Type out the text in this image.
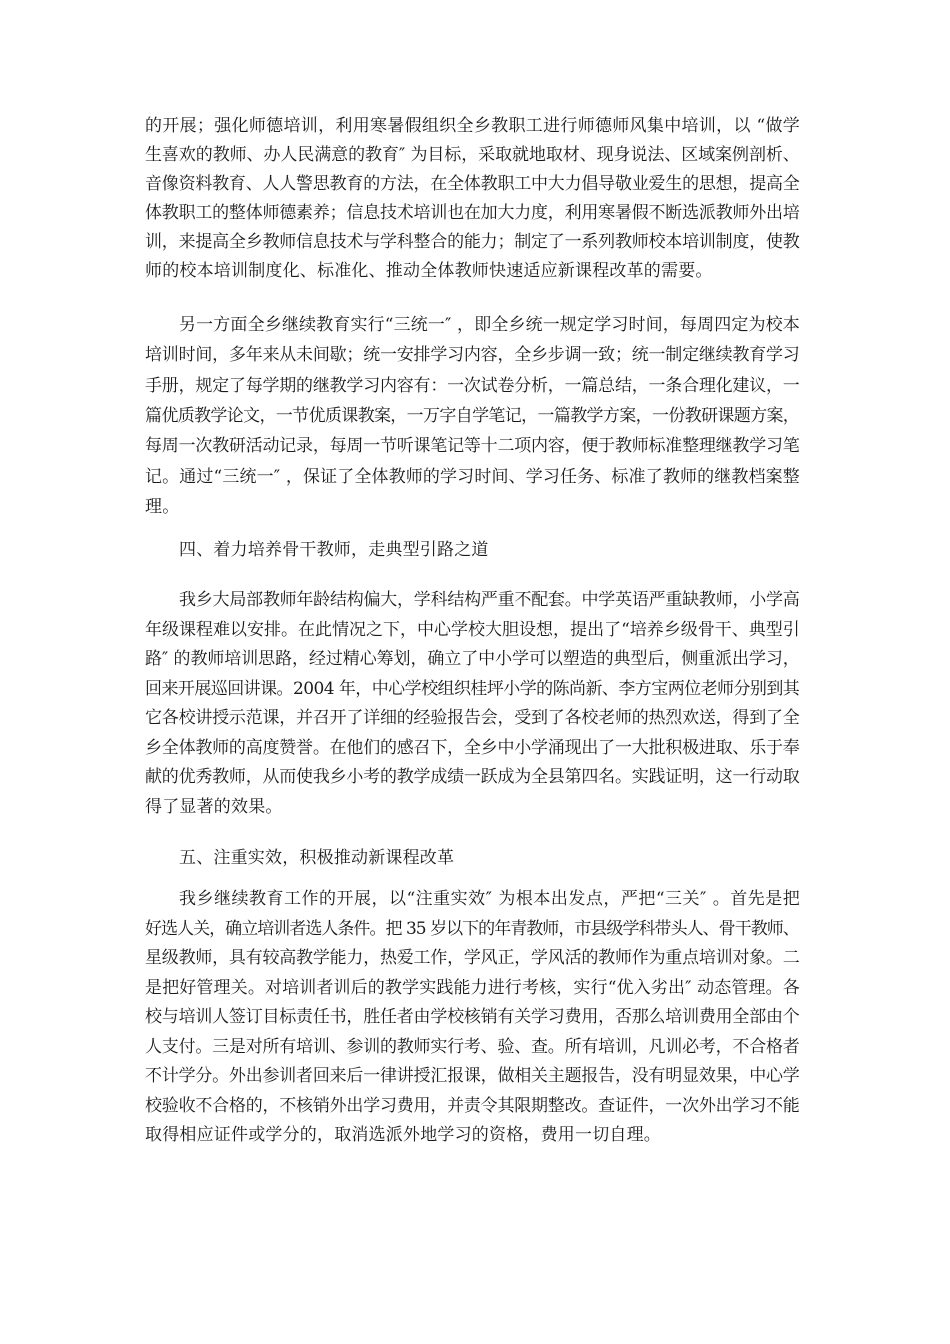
的开展；强化师德培训，利用寒暑假组织全乡教职工进行师德师风集中培训，以 “做学

生喜欢的教师、办人民满意的教育″ 为目标，采取就地取材、现身说法、区域案例剖析、

音像资料教育、人人警思教育的方法，在全体教职工中大力倡导敬业爱生的思想，提高全

体教职工的整体师德素养；信息技术培训也在加大力度，利用寒暑假不断选派教师外出培

训，来提高全乡教师信息技术与学科整合的能力；制定了一系列教师校本培训制度，使教

师的校本培训制度化、标准化、推动全体教师快速适应新课程改革的需要。

另一方面全乡继续教育实行“三统一″ ，即全乡统一规定学习时间，每周四定为校本

培训时间，多年来从未间歇；统一安排学习内容，全乡步调一致；统一制定继续教育学习

手册，规定了每学期的继教学习内容有：一次试卷分析，一篇总结，一条合理化建议，一

篇优质教学论文，一节优质课教案，一万字自学笔记，一篇教学方案，一份教研课题方案，

每周一次教研活动记录，每周一节听课笔记等十二项内容，便于教师标准整理继教学习笔

记。通过“三统一″ ，保证了全体教师的学习时间、学习任务、标准了教师的继教档案整

理。

四、着力培养骨干教师，走典型引路之道

我乡大局部教师年龄结构偏大，学科结构严重不配套。中学英语严重缺教师，小学高

年级课程难以安排。在此情况之下，中心学校大胆设想，提出了“培养乡级骨干、典型引

路″ 的教师培训思路，经过精心筹划，确立了中小学可以塑造的典型后，侧重派出学习，

回来开展巡回讲课。2004 年，中心学校组织桂坪小学的陈尚新、李方宝两位老师分别到其

它各校讲授示范课，并召开了详细的经验报告会，受到了各校老师的热烈欢送，得到了全

乡全体教师的高度赞誉。在他们的感召下，全乡中小学涌现出了一大批积极进取、乐于奉

献的优秀教师，从而使我乡小考的教学成绩一跃成为全县第四名。实践证明，这一行动取

得了显著的效果。

五、注重实效，积极推动新课程改革

我乡继续教育工作的开展，以“注重实效″ 为根本出发点，严把“三关″ 。首先是把

好选人关，确立培训者选人条件。把 35 岁以下的年青教师，市县级学科带头人、骨干教师、

星级教师，具有较高教学能力，热爱工作，学风正，学风活的教师作为重点培训对象。二

是把好管理关。对培训者训后的教学实践能力进行考核，实行“优入劣出″ 动态管理。各

校与培训人签订目标责任书，胜任者由学校核销有关学习费用，否那么培训费用全部由个

人支付。三是对所有培训、参训的教师实行考、验、查。所有培训，凡训必考，不合格者

不计学分。外出参训者回来后一律讲授汇报课，做相关主题报告，没有明显效果，中心学

校验收不合格的，不核销外出学习费用，并责令其限期整改。查证件，一次外出学习不能

取得相应证件或学分的，取消选派外地学习的资格，费用一切自理。
